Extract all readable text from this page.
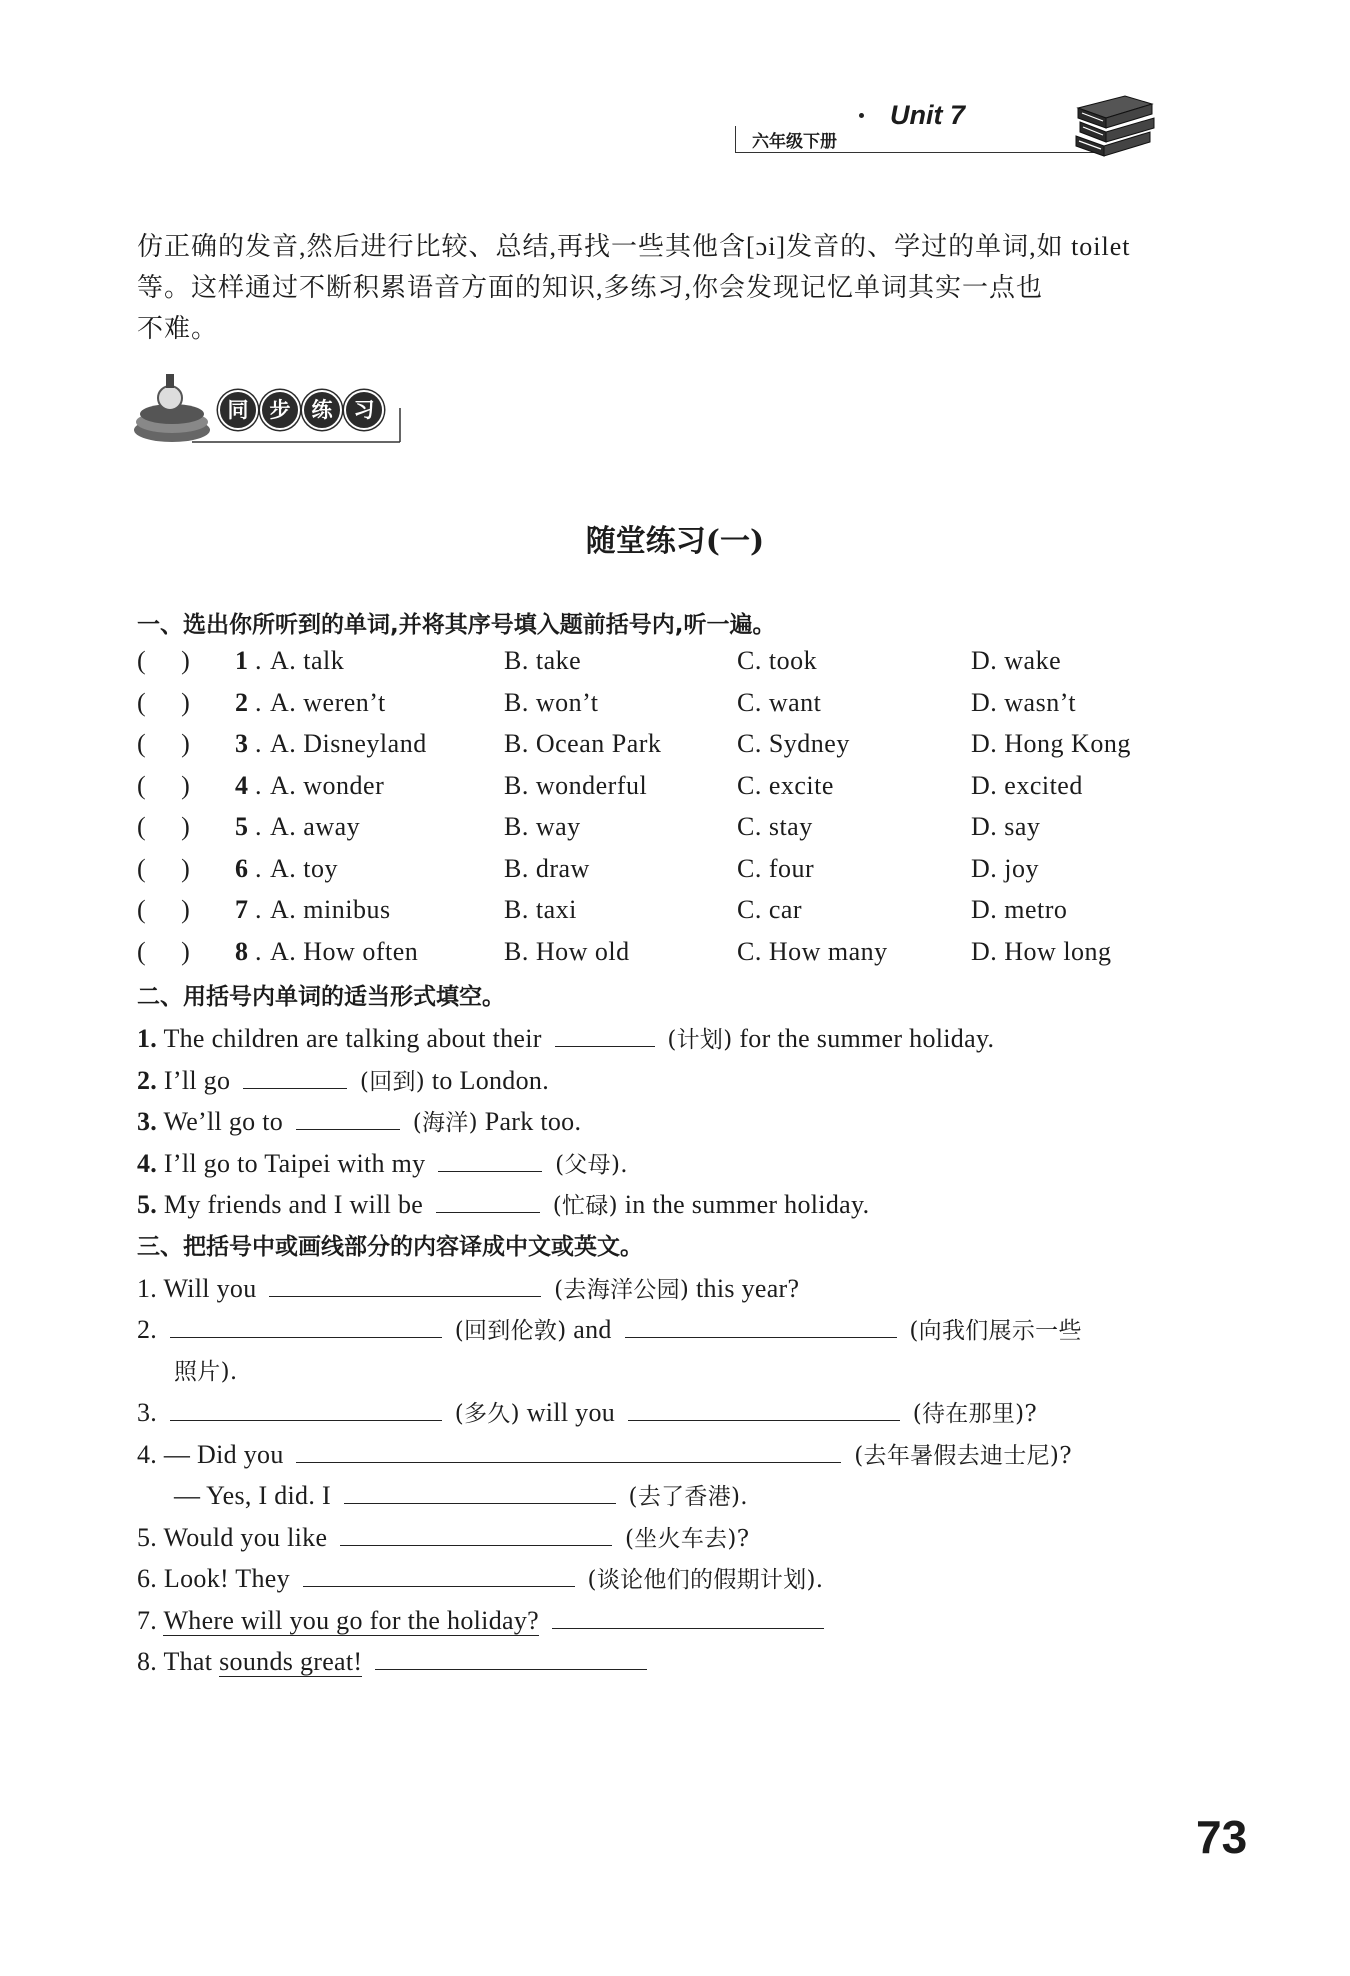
六年级下册
Unit 7

仿正确的发音,然后进行比较、总结,再找一些其他含[ɔi]发音的、学过的单词,如 toilet

等。这样通过不断积累语音方面的知识,多练习,你会发现记忆单词其实一点也

不难。

同	步	练	习
随堂练习(一)
一、选出你所听到的单词,并将其序号填入题前括号内,听一遍。
(     ) 1 . A. talk	B. take	C. took	D. wake
(     ) 2 . A. weren’t	B. won’t	C. want	D. wasn’t
(     ) 3 . A. Disneyland	B. Ocean Park	C. Sydney	D. Hong Kong
(     ) 4 . A. wonder	B. wonderful	C. excite	D. excited
(     ) 5 . A. away	B. way	C. stay	D. say
(     ) 6 . A. toy	B. draw	C. four	D. joy
(     ) 7 . A. minibus	B. taxi	C. car	D. metro
(     ) 8 . A. How often	B. How old	C. How many	D. How long
二、用括号内单词的适当形式填空。
1. The children are talking about their	(计划) for the summer holiday.
2. I’ll go	(回到) to London.
3. We’ll go to	(海洋) Park too.
4. I’ll go to Taipei with my	(父母).
5. My friends and I will be	(忙碌) in the summer holiday.
三、把括号中或画线部分的内容译成中文或英文。
1. Will you	(去海洋公园) this year?
2.	(回到伦敦) and	(向我们展示一些
照片).
3.	(多久) will you	(待在那里)?
4. — Did you	(去年暑假去迪士尼)?
— Yes, I did. I	(去了香港).
5. Would you like	(坐火车去)?
6. Look! They	(谈论他们的假期计划).
7. Where will you go for the holiday?
8. That sounds great!
73
